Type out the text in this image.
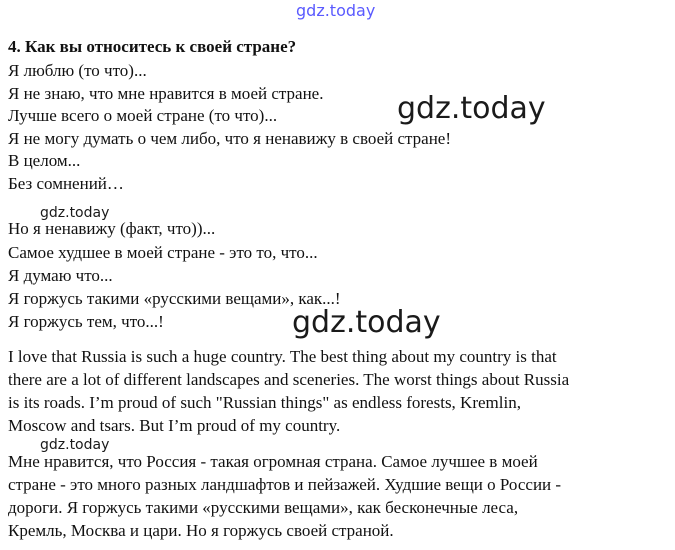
gdz.today
gdz.today
gdz.today
gdz.today
gdz.today
4. Как вы относитесь к своей стране?
Я люблю (то что)...
Я не знаю, что мне нравится в моей стране.
Лучше всего о моей стране (то что)...
Я не могу думать о чем либо, что я ненавижу в своей стране!
В целом...
Без сомнений…
Но я ненавижу (факт, что))...
Самое худшее в моей стране - это то, что...
Я думаю что...
Я горжусь такими «русскими вещами», как...!
Я горжусь тем, что...!
I love that Russia is such a huge country. The best thing about my country is that
there are a lot of different landscapes and sceneries. The worst things about Russia
is its roads. I’m proud of such "Russian things" as endless forests, Kremlin,
Moscow and tsars. But I’m proud of my country.
Мне нравится, что Россия - такая огромная страна. Самое лучшее в моей
стране - это много разных ландшафтов и пейзажей. Худшие вещи о России -
дороги. Я горжусь такими «русскими вещами», как бесконечные леса,
Кремль, Москва и цари. Но я горжусь своей страной.
